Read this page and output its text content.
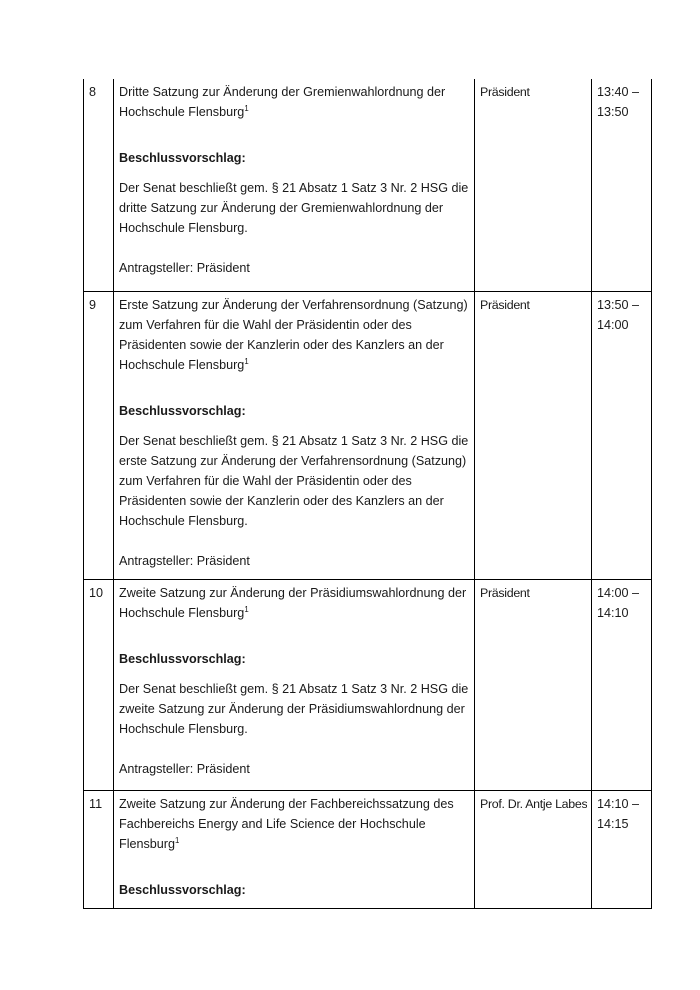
8	Dritte Satzung zur Änderung der Gremienwahlordnung der Hochschule Flensburg$^1$

Beschlussvorschlag:

Der Senat beschließt gem. § 21 Absatz 1 Satz 3 Nr. 2 HSG die dritte Satzung zur Änderung der Gremienwahlordnung der Hochschule Flensburg.

Antragsteller: Präsident	Präsident	13:40 – 13:50

9	Erste Satzung zur Änderung der Verfahrensordnung (Satzung) zum Verfahren für die Wahl der Präsidentin oder des Präsidenten sowie der Kanzlerin oder des Kanzlers an der Hochschule Flensburg$^1$

Beschlussvorschlag:

Der Senat beschließt gem. § 21 Absatz 1 Satz 3 Nr. 2 HSG die erste Satzung zur Änderung der Verfahrensordnung (Satzung) zum Verfahren für die Wahl der Präsidentin oder des Präsidenten sowie der Kanzlerin oder des Kanzlers an der Hochschule Flensburg.

Antragsteller: Präsident	Präsident	13:50 – 14:00

10	Zweite Satzung zur Änderung der Präsidiumswahlordnung der Hochschule Flensburg$^1$

Beschlussvorschlag:

Der Senat beschließt gem. § 21 Absatz 1 Satz 3 Nr. 2 HSG die zweite Satzung zur Änderung der Präsidiumswahlordnung der Hochschule Flensburg.

Antragsteller: Präsident	Präsident	14:00 – 14:10

11	Zweite Satzung zur Änderung der Fachbereichssatzung des Fachbereichs Energy and Life Science der Hochschule Flensburg$^1$

Beschlussvorschlag:	Prof. Dr. Antje Labes	14:10 – 14:15
